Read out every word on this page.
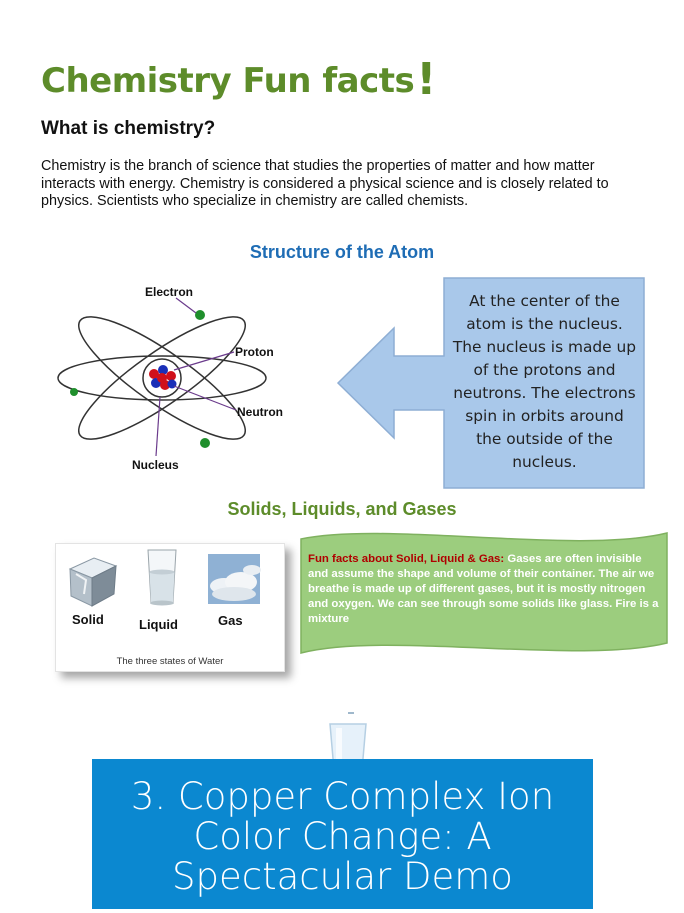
Chemistry Fun facts!
What is chemistry?
Chemistry is the branch of science that studies the properties of matter and how matter interacts with energy. Chemistry is considered a physical science and is closely related to physics. Scientists who specialize in chemistry are called chemists.
Structure of the Atom
Electron
Proton
Neutron
Nucleus
At the center of the
atom is the nucleus.
The nucleus is made up
of the protons and
neutrons. The electrons
spin in orbits around
the outside of the
nucleus.
Solids, Liquids, and Gases
Solid	Liquid	Gas
The three states of Water
Fun facts about Solid, Liquid & Gas: Gases are often invisible and assume the shape and volume of their container. The air we breathe is made up of different gases, but it is mostly nitrogen and oxygen. We can see through some solids like glass. Fire is a mixture
3. Copper Complex Ion
Color Change: A
Spectacular Demo
